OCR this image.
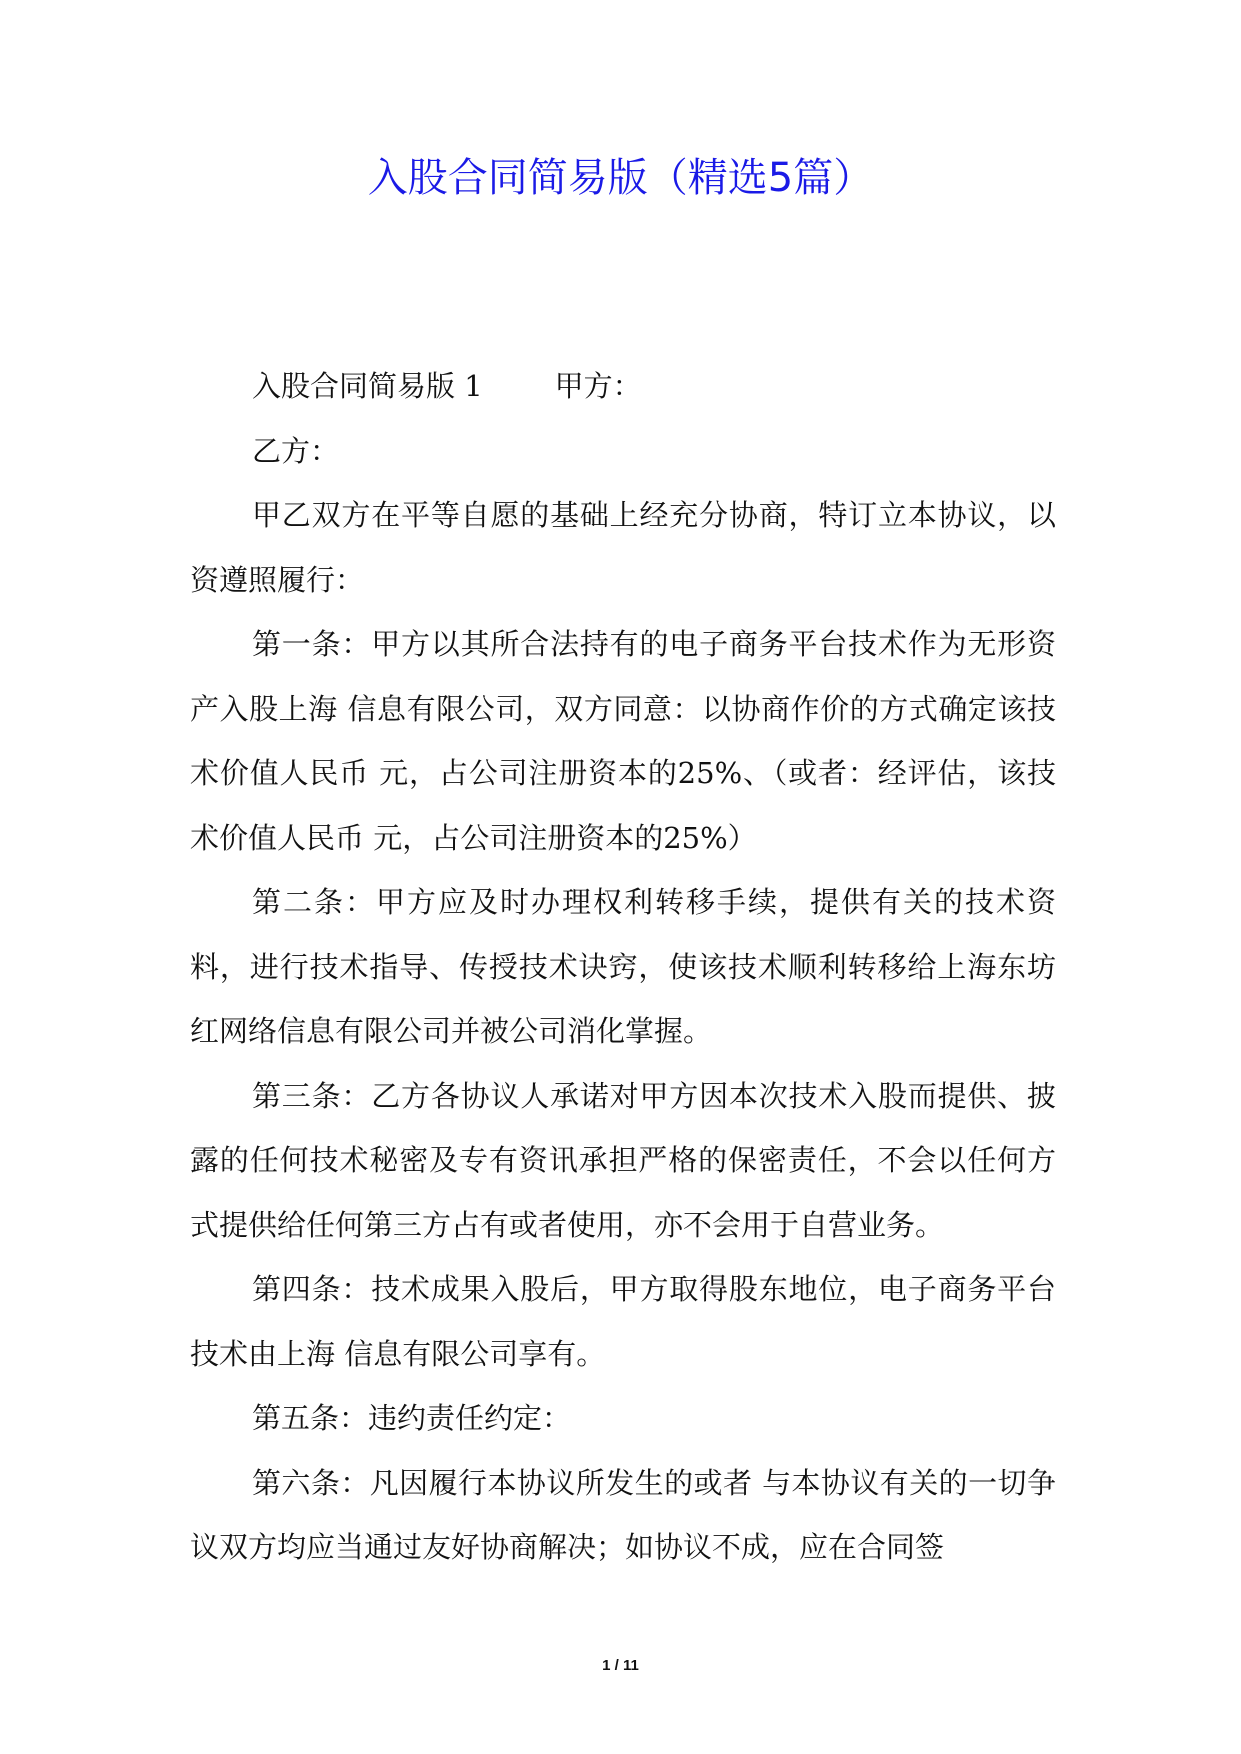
入股合同简易版（精选5篇）

入股合同简易版 1 甲方：

乙方：

甲乙双方在平等自愿的基础上经充分协商，特订立本协议，以资遵照履行：

第一条：甲方以其所合法持有的电子商务平台技术作为无形资产入股上海 信息有限公司，双方同意：以协商作价的方式确定该技术价值人民币 元，占公司注册资本的25%、（或者：经评估，该技术价值人民币 元，占公司注册资本的25%）

第二条：甲方应及时办理权利转移手续，提供有关的技术资料，进行技术指导、传授技术诀窍，使该技术顺利转移给上海东坊红网络信息有限公司并被公司消化掌握。

第三条：乙方各协议人承诺对甲方因本次技术入股而提供、披露的任何技术秘密及专有资讯承担严格的保密责任，不会以任何方式提供给任何第三方占有或者使用，亦不会用于自营业务。

第四条：技术成果入股后，甲方取得股东地位，电子商务平台技术由上海 信息有限公司享有。

第五条：违约责任约定：

第六条：凡因履行本协议所发生的或者 与本协议有关的一切争议双方均应当通过友好协商解决；如协议不成，应在合同签

1 / 11
